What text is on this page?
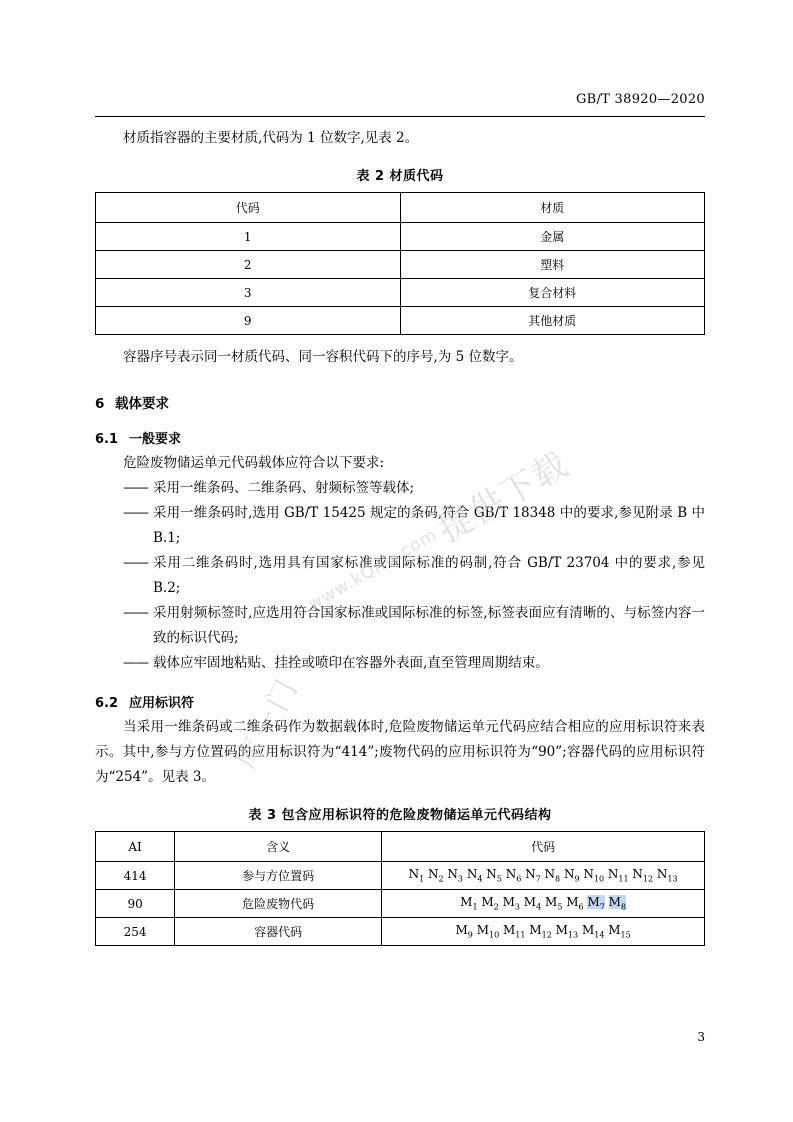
GB/T 38920—2020

材质指容器的主要材质,代码为 1 位数字,见表 2。

表 2 材质代码
代码	材质
1	金属
2	塑料
3	复合材料
9	其他材质

容器序号表示同一材质代码、同一容积代码下的序号,为 5 位数字。

6 载体要求
6.1 一般要求

危险废物储运单元代码载体应符合以下要求:

—— 采用一维条码、二维条码、射频标签等载体;
—— 采用一维条码时,选用 GB/T 15425 规定的条码,符合 GB/T 18348 中的要求,参见附录 B 中 B.1;
—— 采用二维条码时,选用具有国家标准或国际标准的码制,符合 GB/T 23704 中的要求,参见 B.2;
—— 采用射频标签时,应选用符合国家标准或国际标准的标签,标签表面应有清晰的、与标签内容一致的标识代码;
—— 载体应牢固地粘贴、挂拴或喷印在容器外表面,直至管理周期结束。
6.2 应用标识符

当采用一维条码或二维条码作为数据载体时,危险废物储运单元代码应结合相应的应用标识符来表示。其中,参与方位置码的应用标识符为“414”;废物代码的应用标识符为“90”;容器代码的应用标识符为“254”。见表 3。

表 3 包含应用标识符的危险废物储运单元代码结构
AI	含义	代码
414	参与方位置码	$N_1$ $N_2$ $N_3$ $N_4$ $N_5$ $N_6$ $N_7$ $N_8$ $N_9$ $N_{10}$ $N_{11}$ $N_{12}$ $N_{13}$
90	危险废物代码	$M_1$ $M_2$ $M_3$ $M_4$ $M_5$ $M_6$ $M_7$ $M_8$
254	容器代码	$M_9$ $M_{10}$ $M_{11}$ $M_{12}$ $M_{13}$ $M_{14}$ $M_{15}$
提供下载
www.kQnw.com
库一门
3
